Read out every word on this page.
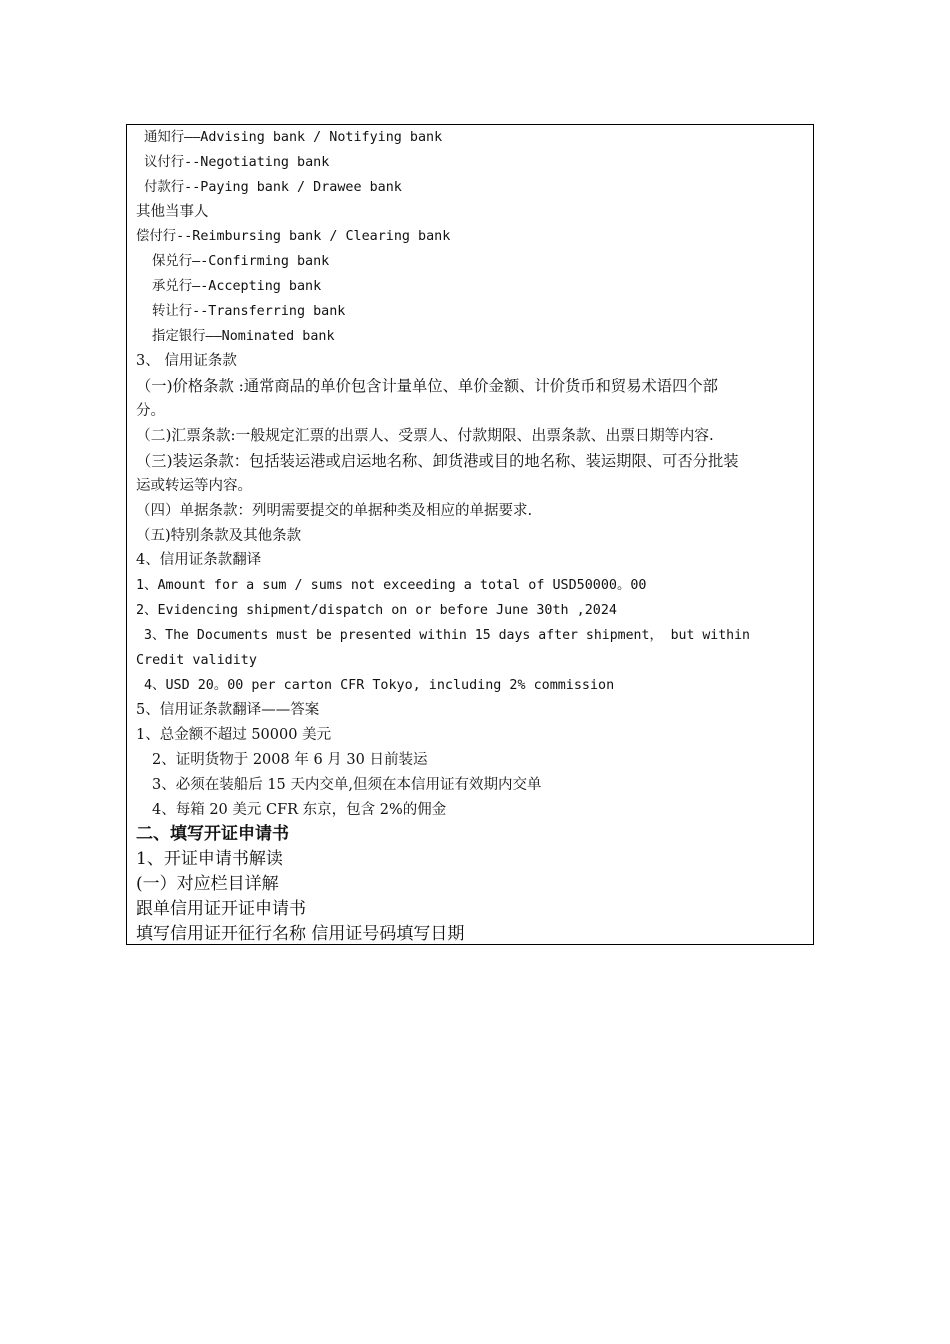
通知行——Advising bank / Notifying bank
议付行--Negotiating bank
付款行--Paying bank / Drawee bank
其他当事人
偿付行--Reimbursing bank / Clearing bank
保兑行—-Confirming bank
承兑行—-Accepting bank
转让行--Transferring bank
指定银行——Nominated bank
3、 信用证条款
（一)价格条款 :通常商品的单价包含计量单位、单价金额、计价货币和贸易术语四个部
分。
（二)汇票条款:一般规定汇票的出票人、受票人、付款期限、出票条款、出票日期等内容.
（三)装运条款：包括装运港或启运地名称、卸货港或目的地名称、装运期限、可否分批装
运或转运等内容。
（四）单据条款：列明需要提交的单据种类及相应的单据要求.
（五)特别条款及其他条款
4、信用证条款翻译
1、Amount for a sum / sums not exceeding a total of USD50000。00
2、Evidencing shipment/dispatch on or before June 30th ,2024
3、The Documents must be presented within 15 days after shipment， but within
Credit validity
4、USD 20。00 per carton CFR Tokyo, including 2% commission
5、信用证条款翻译——答案
1、总金额不超过 50000 美元
2、证明货物于 2008 年 6 月 30 日前装运
3、必须在装船后 15 天内交单,但须在本信用证有效期内交单
4、每箱 20 美元 CFR 东京，包含 2%的佣金
二、填写开证申请书
1、开证申请书解读
(一）对应栏目详解
跟单信用证开证申请书
填写信用证开征行名称 信用证号码填写日期
